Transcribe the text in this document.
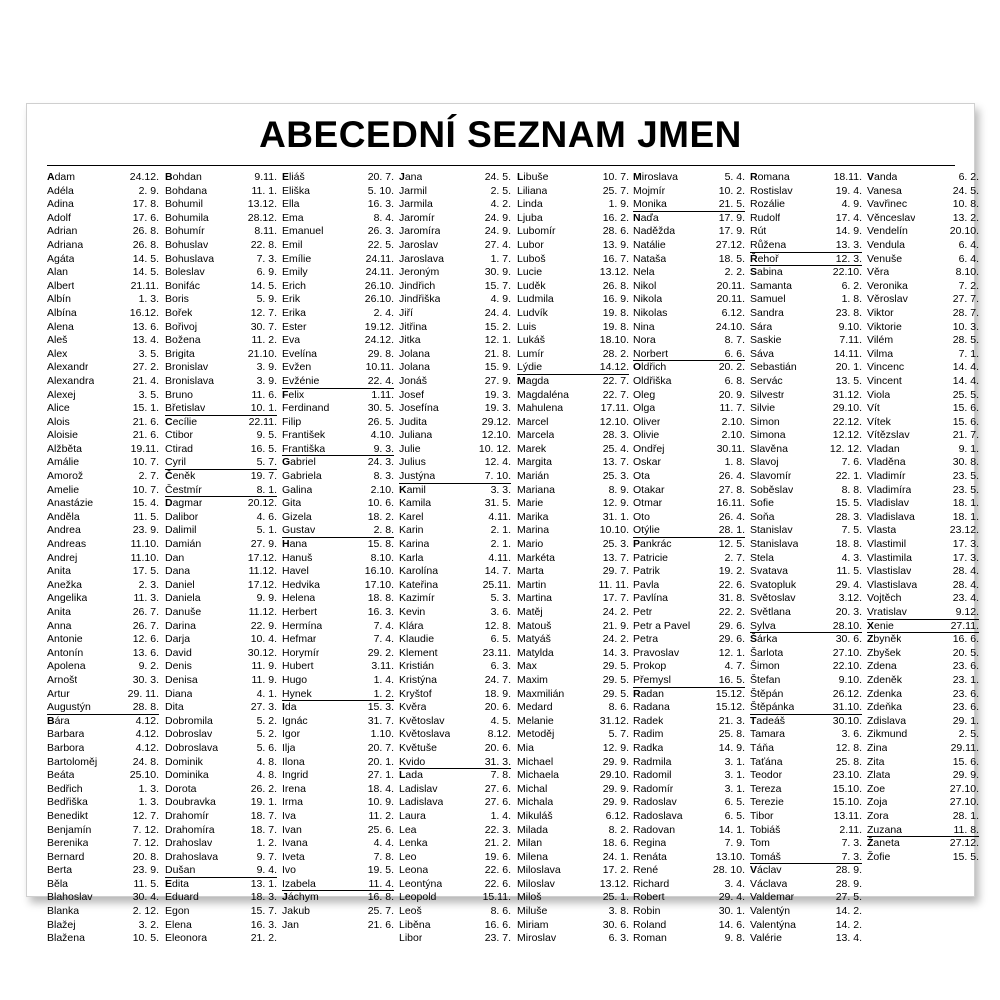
ABECEDNÍ SEZNAM JMEN
Adam	24.12.
Adéla	2. 9.
Adina	17. 8.
Adolf	17. 6.
Adrian	26. 8.
Adriana	26. 8.
Agáta	14. 5.
Alan	14. 5.
Albert	21.11.
Albín	1. 3.
Albína	16.12.
Alena	13. 6.
Aleš	13. 4.
Alex	3. 5.
Alexandr	27. 2.
Alexandra	21. 4.
Alexej	3. 5.
Alice	15. 1.
Alois	21. 6.
Aloisie	21. 6.
Alžběta	19.11.
Amálie	10. 7.
Amorož	2. 7.
Amelie	10. 7.
Anastázie	15. 4.
Anděla	11. 5.
Andrea	23. 9.
Andreas	11.10.
Andrej	11.10.
Anita	17. 5.
Anežka	2. 3.
Angelika	11. 3.
Anita	26. 7.
Anna	26. 7.
Antonie	12. 6.
Antonín	13. 6.
Apolena	9. 2.
Arnošt	30. 3.
Artur	29. 11.
Augustýn	28. 8.
Bára	4.12.
Barbara	4.12.
Barbora	4.12.
Bartoloměj	24. 8.
Beáta	25.10.
Bedřich	1. 3.
Bedřiška	1. 3.
Benedikt	12. 7.
Benjamín	7. 12.
Berenika	7. 12.
Bernard	20. 8.
Berta	23. 9.
Běla	11. 5.
Blahoslav	30. 4.
Blanka	2. 12.
Blažej	3. 2.
Blažena	10. 5.
Bohdan	9.11.
Bohdana	11. 1.
Bohumil	13.12.
Bohumila	28.12.
Bohumír	8.11.
Bohuslav	22. 8.
Bohuslava	7. 3.
Boleslav	6. 9.
Bonifác	14. 5.
Boris	5. 9.
Bořek	12. 7.
Bořivoj	30. 7.
Božena	11. 2.
Brigita	21.10.
Bronislav	3. 9.
Bronislava	3. 9.
Bruno	11. 6.
Břetislav	10. 1.
Cecílie	22.11.
Ctibor	9. 5.
Ctirad	16. 5.
Cyril	5. 7.
Čeněk	19. 7.
Čestmír	8. 1.
Dagmar	20.12.
Dalibor	4. 6.
Dalimil	5. 1.
Damián	27. 9.
Dan	17.12.
Dana	11.12.
Daniel	17.12.
Daniela	9. 9.
Danuše	11.12.
Darina	22. 9.
Darja	10. 4.
David	30.12.
Denis	11. 9.
Denisa	11. 9.
Diana	4. 1.
Dita	27. 3.
Dobromila	5. 2.
Dobroslav	5. 2.
Dobroslava	5. 6.
Dominik	4. 8.
Dominika	4. 8.
Dorota	26. 2.
Doubravka	19. 1.
Drahomír	18. 7.
Drahomíra	18. 7.
Drahoslav	1. 2.
Drahoslava	9. 7.
Dušan	9. 4.
Edita	13. 1.
Eduard	18. 3.
Egon	15. 7.
Elena	16. 3.
Eleonora	21. 2.
Eliáš	20. 7.
Eliška	5. 10.
Ella	16. 3.
Ema	8. 4.
Emanuel	26. 3.
Emil	22. 5.
Emílie	24.11.
Emily	24.11.
Erich	26.10.
Erik	26.10.
Erika	2. 4.
Ester	19.12.
Eva	24.12.
Evelína	29. 8.
Evžen	10.11.
Evžénie	22. 4.
Felix	1.11.
Ferdinand	30. 5.
Filip	26. 5.
František	4.10.
Františka	9. 3.
Gabriel	24. 3.
Gabriela	8. 3.
Galina	2.10.
Gita	10. 6.
Gizela	18. 2.
Gustav	2. 8.
Hana	15. 8.
Hanuš	8.10.
Havel	16.10.
Hedvika	17.10.
Helena	18. 8.
Herbert	16. 3.
Hermína	7. 4.
Hefmar	7. 4.
Horymír	29. 2.
Hubert	3.11.
Hugo	1. 4.
Hynek	1. 2.
Ida	15. 3.
Ignác	31. 7.
Igor	1.10.
Ilja	20. 7.
Ilona	20. 1.
Ingrid	27. 1.
Irena	18. 4.
Irma	10. 9.
Iva	11. 2.
Ivan	25. 6.
Ivana	4. 4.
Iveta	7. 8.
Ivo	19. 5.
Izabela	11. 4.
Jáchym	16. 8.
Jakub	25. 7.
Jan	21. 6.
Jana	24. 5.
Jarmil	2. 5.
Jarmila	4. 2.
Jaromír	24. 9.
Jaromíra	24. 9.
Jaroslav	27. 4.
Jaroslava	1. 7.
Jeroným	30. 9.
Jindřich	15. 7.
Jindřiška	4. 9.
Jiří	24. 4.
Jitřina	15. 2.
Jitka	12. 1.
Jolana	21. 8.
Jolana	15. 9.
Jonáš	27. 9.
Josef	19. 3.
Josefína	19. 3.
Judita	29.12.
Juliana	12.10.
Julie	10. 12.
Julius	12. 4.
Justýna	7. 10.
Kamil	3. 3.
Kamila	31. 5.
Karel	4.11.
Karin	2. 1.
Karina	2. 1.
Karla	4.11.
Karolína	14. 7.
Kateřina	25.11.
Kazimír	5. 3.
Kevin	3. 6.
Klára	12. 8.
Klaudie	6. 5.
Klement	23.11.
Kristián	6. 3.
Kristýna	24. 7.
Kryštof	18. 9.
Kvěra	20. 6.
Květoslav	4. 5.
Květoslava	8.12.
Květuše	20. 6.
Kvido	31. 3.
Lada	7. 8.
Ladislav	27. 6.
Ladislava	27. 6.
Laura	1. 4.
Lea	22. 3.
Lenka	21. 2.
Leo	19. 6.
Leona	22. 6.
Leontýna	22. 6.
Leopold	15.11.
Leoš	8. 6.
Liběna	16. 6.
Libor	23. 7.
Libuše	10. 7.
Liliana	25. 7.
Linda	1. 9.
Ljuba	16. 2.
Lubomír	28. 6.
Lubor	13. 9.
Luboš	16. 7.
Lucie	13.12.
Luděk	26. 8.
Ludmila	16. 9.
Ludvík	19. 8.
Luis	19. 8.
Lukáš	18.10.
Lumír	28. 2.
Lýdie	14.12.
Magda	22. 7.
Magdaléna	22. 7.
Mahulena	17.11.
Marcel	12.10.
Marcela	28. 3.
Marek	25. 4.
Margita	13. 7.
Marián	25. 3.
Mariana	8. 9.
Marie	12. 9.
Marika	31. 1.
Marina	10.10.
Mario	25. 3.
Markéta	13. 7.
Marta	29. 7.
Martin	11. 11.
Martina	17. 7.
Matěj	24. 2.
Matouš	21. 9.
Matyáš	24. 2.
Matylda	14. 3.
Max	29. 5.
Maxim	29. 5.
Maxmilián	29. 5.
Medard	8. 6.
Melanie	31.12.
Metoděj	5. 7.
Mia	12. 9.
Michael	29. 9.
Michaela	29.10.
Michal	29. 9.
Michala	29. 9.
Mikuláš	6.12.
Milada	8. 2.
Milan	18. 6.
Milena	24. 1.
Miloslava	17. 2.
Miloslav	13.12.
Miloš	25. 1.
Miluše	3. 8.
Miriam	30. 6.
Miroslav	6. 3.
Miroslava	5. 4.
Mojmír	10. 2.
Monika	21. 5.
Naďa	17. 9.
Naděžda	17. 9.
Natálie	27.12.
Nataša	18. 5.
Nela	2. 2.
Nikol	20.11.
Nikola	20.11.
Nikolas	6.12.
Nina	24.10.
Nora	8. 7.
Norbert	6. 6.
Oldřich	20. 2.
Oldřiška	6. 8.
Oleg	20. 9.
Olga	11. 7.
Oliver	2.10.
Olivie	2.10.
Ondřej	30.11.
Oskar	1. 8.
Ota	26. 4.
Otakar	27. 8.
Otmar	16.11.
Oto	26. 4.
Otýlie	28. 1.
Pankrác	12. 5.
Patricie	2. 7.
Patrik	19. 2.
Pavla	22. 6.
Pavlína	31. 8.
Petr	22. 2.
Petr a Pavel	29. 6.
Petra	29. 6.
Pravoslav	12. 1.
Prokop	4. 7.
Přemysl	16. 5.
Radan	15.12.
Radana	15.12.
Radek	21. 3.
Radim	25. 8.
Radka	14. 9.
Radmila	3. 1.
Radomil	3. 1.
Radomír	3. 1.
Radoslav	6. 5.
Radoslava	6. 5.
Radovan	14. 1.
Regina	7. 9.
Renáta	13.10.
René	28. 10.
Richard	3. 4.
Robert	29. 4.
Robin	30. 1.
Roland	14. 6.
Roman	9. 8.
Romana	18.11.
Rostislav	19. 4.
Rozálie	4. 9.
Rudolf	17. 4.
Rút	14. 9.
Růžena	13. 3.
Řehoř	12. 3.
Sabina	22.10.
Samanta	6. 2.
Samuel	1. 8.
Sandra	23. 8.
Sára	9.10.
Saskie	7.11.
Sáva	14.11.
Sebastián	20. 1.
Servác	13. 5.
Silvestr	31.12.
Silvie	29.10.
Simon	22.12.
Simona	12.12.
Slavěna	12. 12.
Slavoj	7. 6.
Slavomír	22. 1.
Soběslav	8. 8.
Sofie	15. 5.
Soňa	28. 3.
Stanislav	7. 5.
Stanislava	18. 8.
Stela	4. 3.
Svatava	11. 5.
Svatopluk	29. 4.
Světoslav	3.12.
Světlana	20. 3.
Sylva	28.10.
Šárka	30. 6.
Šarlota	27.10.
Šimon	22.10.
Štefan	9.10.
Štěpán	26.12.
Štěpánka	31.10.
Tadeáš	30.10.
Tamara	3. 6.
Táňa	12. 8.
Taťána	25. 8.
Teodor	23.10.
Tereza	15.10.
Terezie	15.10.
Tibor	13.11.
Tobiáš	2.11.
Tom	7. 3.
Tomáš	7. 3.
Václav	28. 9.
Václava	28. 9.
Valdemar	27. 5.
Valentýn	14. 2.
Valentýna	14. 2.
Valérie	13. 4.
Vanda	6. 2.
Vanesa	24. 5.
Vavřinec	10. 8.
Věnceslav	13. 2.
Vendelín	20.10.
Vendula	6. 4.
Venuše	6. 4.
Věra	8.10.
Veronika	7. 2.
Věroslav	27. 7.
Viktor	28. 7.
Viktorie	10. 3.
Vilém	28. 5.
Vilma	7. 1.
Vincenc	14. 4.
Vincent	14. 4.
Viola	25. 5.
Vít	15. 6.
Vítek	15. 6.
Vítězslav	21. 7.
Vladan	9. 1.
Vladěna	30. 8.
Vladimír	23. 5.
Vladimíra	23. 5.
Vladislav	18. 1.
Vladislava	18. 1.
Vlasta	23.12.
Vlastimil	17. 3.
Vlastimila	17. 3.
Vlastislav	28. 4.
Vlastislava	28. 4.
Vojtěch	23. 4.
Vratislav	9.12.
Xenie	27.11.
Zbyněk	16. 6.
Zbyšek	20. 5.
Zdena	23. 6.
Zdeněk	23. 1.
Zdenka	23. 6.
Zdeňka	23. 6.
Zdislava	29. 1.
Zikmund	2. 5.
Zina	29.11.
Zita	15. 6.
Zlata	29. 9.
Zoe	27.10.
Zoja	27.10.
Zora	28. 1.
Zuzana	11. 8.
Žaneta	27.12.
Žofie	15. 5.
